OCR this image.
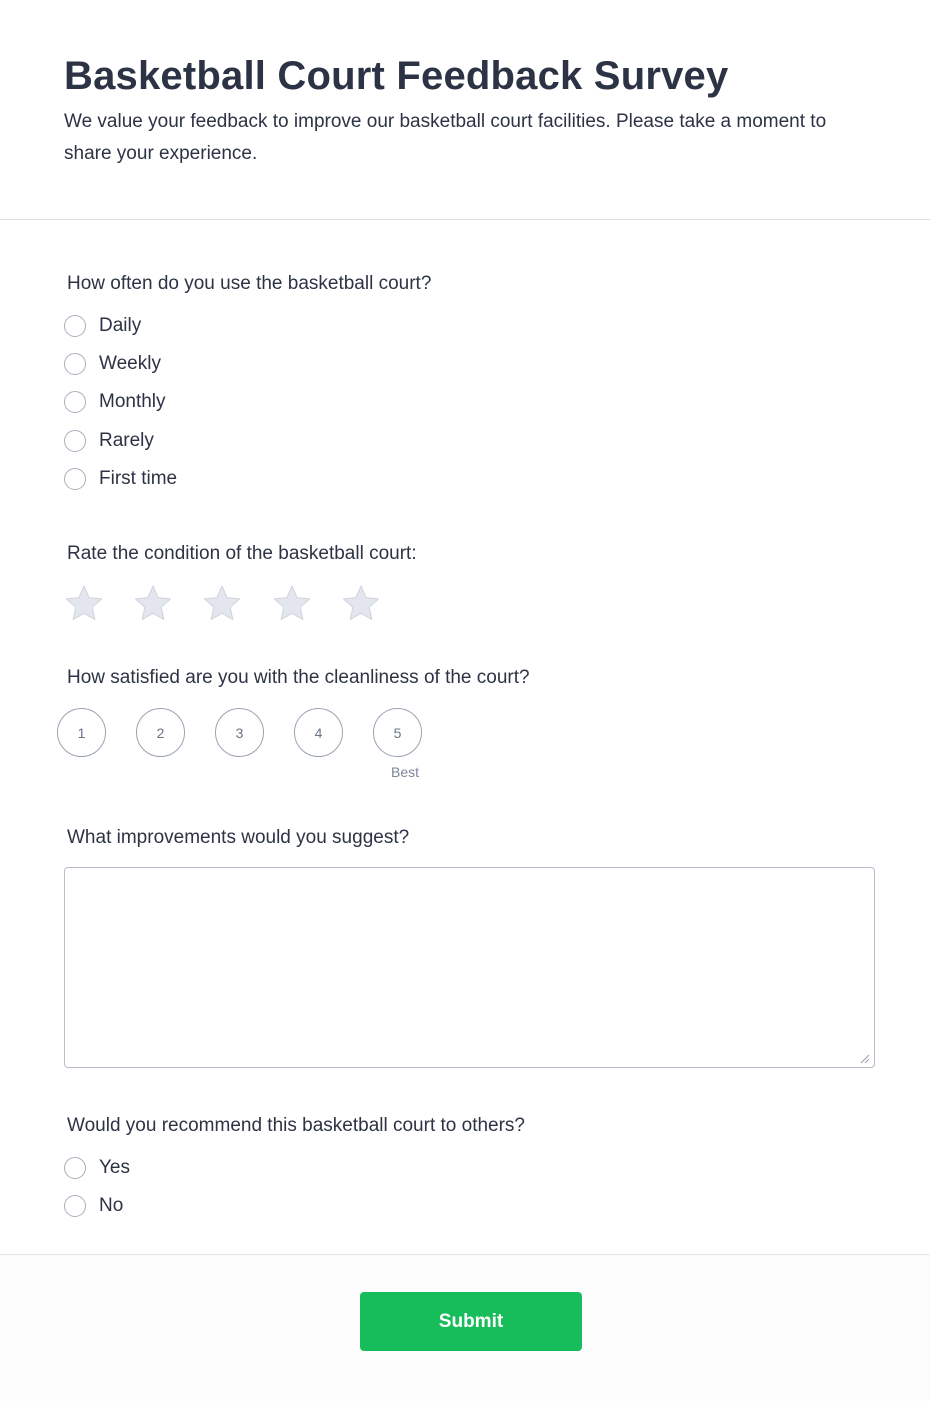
Basketball Court Feedback Survey

We value your feedback to improve our basketball court facilities. Please take a moment to share your experience.

How often do you use the basketball court?

Daily
Weekly
Monthly
Rarely
First time

Rate the condition of the basketball court:

How satisfied are you with the cleanliness of the court?

1	2	3	4	5
Best

What improvements would you suggest?

Would you recommend this basketball court to others?

Yes
No
Submit
